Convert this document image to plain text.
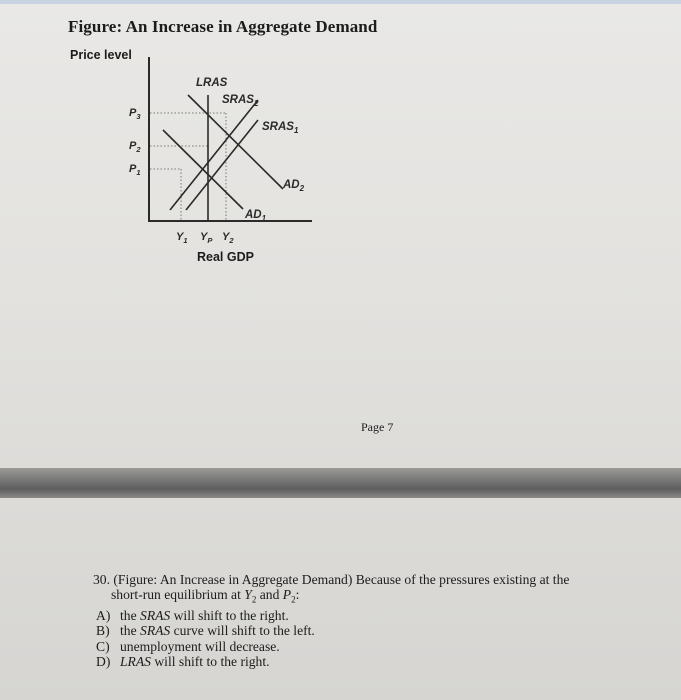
Figure: An Increase in Aggregate Demand
Price level
Real GDP
LRAS
$SRAS_2$
$SRAS_1$
$AD_2$
$AD_1$
$P_3$
$P_2$
$P_1$
$Y_1$ $Y_P$ $Y_2$
Page 7
30. (Figure: An Increase in Aggregate Demand) Because of the pressures existing at the
short-run equilibrium at $Y_2$ and $P_2$:
A) the SRAS will shift to the right.
B) the SRAS curve will shift to the left.
C) unemployment will decrease.
D) LRAS will shift to the right.
